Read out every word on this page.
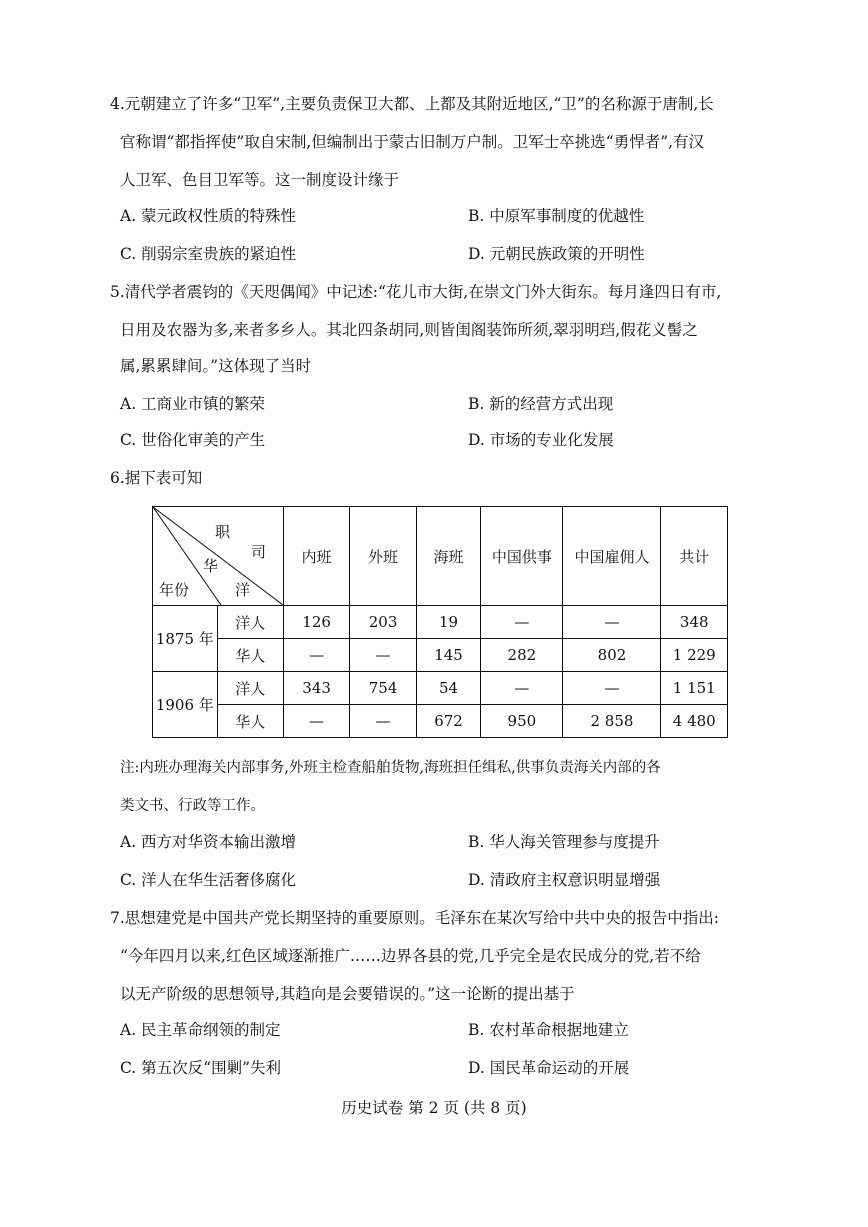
4.元朝建立了许多“卫军”,主要负责保卫大都、上都及其附近地区,“卫”的名称源于唐制,长
官称谓“都指挥使”取自宋制,但编制出于蒙古旧制万户制。卫军士卒挑选“勇悍者”,有汉
人卫军、色目卫军等。这一制度设计缘于
A. 蒙元政权性质的特殊性	B. 中原军事制度的优越性
C. 削弱宗室贵族的紧迫性	D. 元朝民族政策的开明性
5.清代学者震钧的《天咫偶闻》中记述:“花儿市大街,在崇文门外大街东。每月逢四日有市,
日用及农器为多,来者多乡人。其北四条胡同,则皆闺阁装饰所须,翠羽明珰,假花义髻之
属,累累肆间。”这体现了当时
A. 工商业市镇的繁荣	B. 新的经营方式出现
C. 世俗化审美的产生	D. 市场的专业化发展
6.据下表可知
职
司
华
洋
年份		内班	外班	海班	中国供事	中国雇佣人	共计
1875 年	洋人	126	203	19	—	—	348
	华人	—	—	145	282	802	1 229
1906 年	洋人	343	754	54	—	—	1 151
	华人	—	—	672	950	2 858	4 480
注:内班办理海关内部事务,外班主检查船舶货物,海班担任缉私,供事负责海关内部的各
类文书、行政等工作。
A. 西方对华资本输出激增	B. 华人海关管理参与度提升
C. 洋人在华生活奢侈腐化	D. 清政府主权意识明显增强
7.思想建党是中国共产党长期坚持的重要原则。毛泽东在某次写给中共中央的报告中指出:
“今年四月以来,红色区域逐渐推广……边界各县的党,几乎完全是农民成分的党,若不给
以无产阶级的思想领导,其趋向是会要错误的。”这一论断的提出基于
A. 民主革命纲领的制定	B. 农村革命根据地建立
C. 第五次反“围剿”失利	D. 国民革命运动的开展
历史试卷 第 2 页 (共 8 页)
